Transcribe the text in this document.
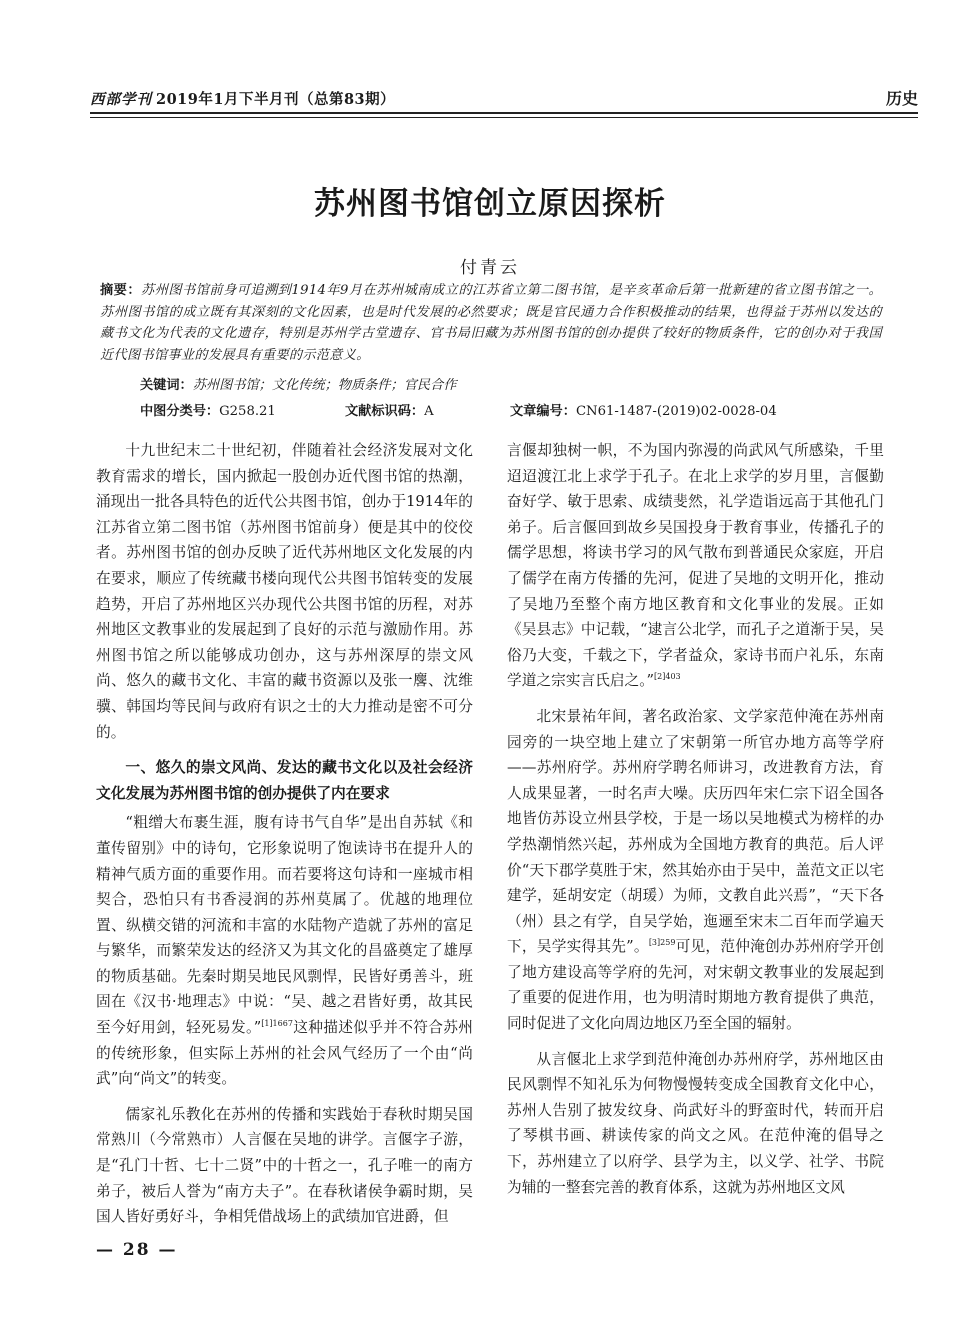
西部学刊 2019年1月下半月刊（总第83期）	历史
苏州图书馆创立原因探析
付青云
摘要：苏州图书馆前身可追溯到1914年9月在苏州城南成立的江苏省立第二图书馆，是辛亥革命后第一批新建的省立图书馆之一。苏州图书馆的成立既有其深刻的文化因素，也是时代发展的必然要求；既是官民通力合作积极推动的结果，也得益于苏州以发达的藏书文化为代表的文化遗存，特别是苏州学古堂遗存、官书局旧藏为苏州图书馆的创办提供了较好的物质条件，它的创办对于我国近代图书馆事业的发展具有重要的示范意义。
关键词：苏州图书馆；文化传统；物质条件；官民合作
中图分类号：G258.21	文献标识码：A	文章编号：CN61-1487-(2019)02-0028-04

十九世纪末二十世纪初，伴随着社会经济发展对文化教育需求的增长，国内掀起一股创办近代图书馆的热潮，涌现出一批各具特色的近代公共图书馆，创办于1914年的江苏省立第二图书馆（苏州图书馆前身）便是其中的佼佼者。苏州图书馆的创办反映了近代苏州地区文化发展的内在要求，顺应了传统藏书楼向现代公共图书馆转变的发展趋势，开启了苏州地区兴办现代公共图书馆的历程，对苏州地区文教事业的发展起到了良好的示范与激励作用。苏州图书馆之所以能够成功创办，这与苏州深厚的崇文风尚、悠久的藏书文化、丰富的藏书资源以及张一麐、沈维骥、韩国均等民间与政府有识之士的大力推动是密不可分的。

一、悠久的崇文风尚、发达的藏书文化以及社会经济文化发展为苏州图书馆的创办提供了内在要求

“粗缯大布裹生涯，腹有诗书气自华”是出自苏轼《和董传留别》中的诗句，它形象说明了饱读诗书在提升人的精神气质方面的重要作用。而若要将这句诗和一座城市相契合，恐怕只有书香浸润的苏州莫属了。优越的地理位置、纵横交错的河流和丰富的水陆物产造就了苏州的富足与繁华，而繁荣发达的经济又为其文化的昌盛奠定了雄厚的物质基础。先秦时期吴地民风剽悍，民皆好勇善斗，班固在《汉书·地理志》中说：“吴、越之君皆好勇，故其民至今好用剑，轻死易发。”$^{[1]1667}$这种描述似乎并不符合苏州的传统形象，但实际上苏州的社会风气经历了一个由“尚武”向“尚文”的转变。

儒家礼乐教化在苏州的传播和实践始于春秋时期吴国常熟川（今常熟市）人言偃在吴地的讲学。言偃字子游，是“孔门十哲、七十二贤”中的十哲之一，孔子唯一的南方弟子，被后人誉为“南方夫子”。在春秋诸侯争霸时期，吴国人皆好勇好斗，争相凭借战场上的武绩加官进爵，但

言偃却独树一帜，不为国内弥漫的尚武风气所感染，千里迢迢渡江北上求学于孔子。在北上求学的岁月里，言偃勤奋好学、敏于思索、成绩斐然，礼学造诣远高于其他孔门弟子。后言偃回到故乡吴国投身于教育事业，传播孔子的儒学思想，将读书学习的风气散布到普通民众家庭，开启了儒学在南方传播的先河，促进了吴地的文明开化，推动了吴地乃至整个南方地区教育和文化事业的发展。正如《吴县志》中记载，“逮言公北学，而孔子之道渐于吴，吴俗乃大变，千载之下，学者益众，家诗书而户礼乐，东南学道之宗实言氏启之。”$^{[2]403}$

北宋景祐年间，著名政治家、文学家范仲淹在苏州南园旁的一块空地上建立了宋朝第一所官办地方高等学府——苏州府学。苏州府学聘名师讲习，改进教育方法，育人成果显著，一时名声大噪。庆历四年宋仁宗下诏全国各地皆仿苏设立州县学校，于是一场以吴地模式为榜样的办学热潮悄然兴起，苏州成为全国地方教育的典范。后人评价“天下郡学莫胜于宋，然其始亦由于吴中，盖范文正以宅建学，延胡安定（胡瑗）为师，文教自此兴焉”，“天下各（州）县之有学，自吴学始，迤逦至宋末二百年而学遍天下，吴学实得其先”。$^{[3]259}$可见，范仲淹创办苏州府学开创了地方建设高等学府的先河，对宋朝文教事业的发展起到了重要的促进作用，也为明清时期地方教育提供了典范，同时促进了文化向周边地区乃至全国的辐射。

从言偃北上求学到范仲淹创办苏州府学，苏州地区由民风剽悍不知礼乐为何物慢慢转变成全国教育文化中心，苏州人告别了披发纹身、尚武好斗的野蛮时代，转而开启了琴棋书画、耕读传家的尚文之风。在范仲淹的倡导之下，苏州建立了以府学、县学为主，以义学、社学、书院为辅的一整套完善的教育体系，这就为苏州地区文风

— 28 —
